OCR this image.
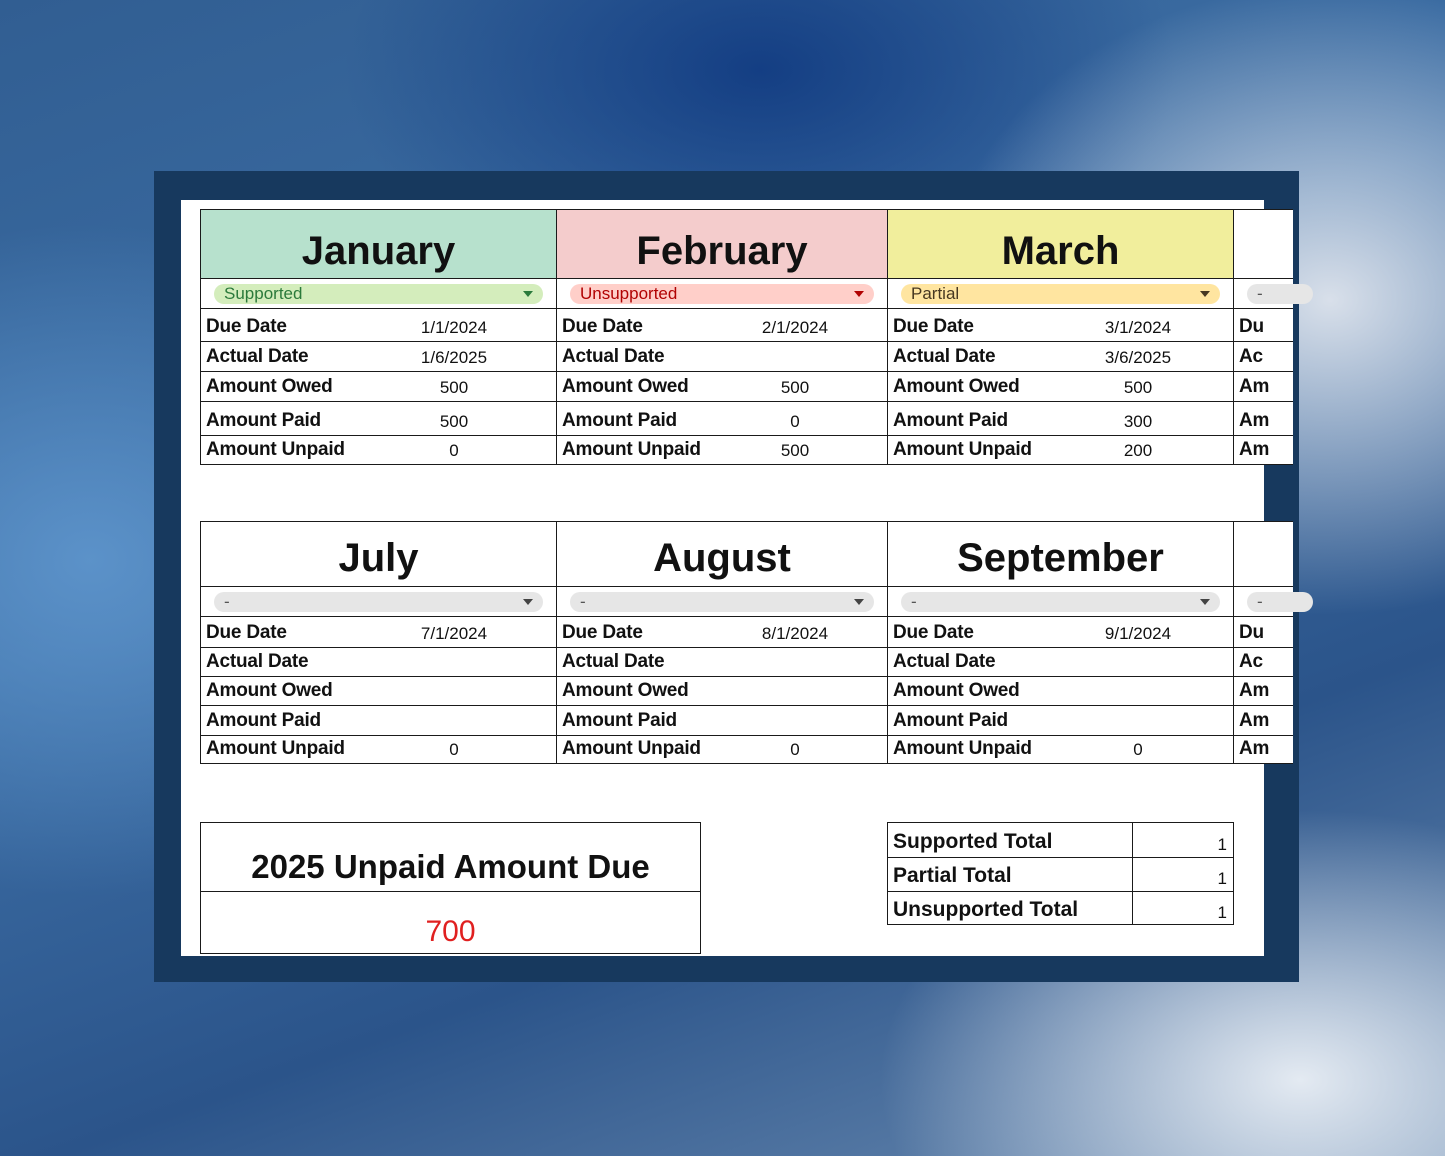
January
Supported
Due Date	1/1/2024
Actual Date	1/6/2025
Amount Owed	500
Amount Paid	500
Amount Unpaid	0
February
Unsupported
Due Date	2/1/2024
Actual Date
Amount Owed	500
Amount Paid	0
Amount Unpaid	500
March
Partial
Due Date	3/1/2024
Actual Date	3/6/2025
Amount Owed	500
Amount Paid	300
Amount Unpaid	200
-
Du
Ac
Am
Am
Am
July
-
Due Date	7/1/2024
Actual Date
Amount Owed
Amount Paid
Amount Unpaid	0
August
-
Due Date	8/1/2024
Actual Date
Amount Owed
Amount Paid
Amount Unpaid	0
September
-
Due Date	9/1/2024
Actual Date
Amount Owed
Amount Paid
Amount Unpaid	0
-
Du
Ac
Am
Am
Am
2025 Unpaid Amount Due
700
Supported Total	1
Partial Total	1
Unsupported Total	1
